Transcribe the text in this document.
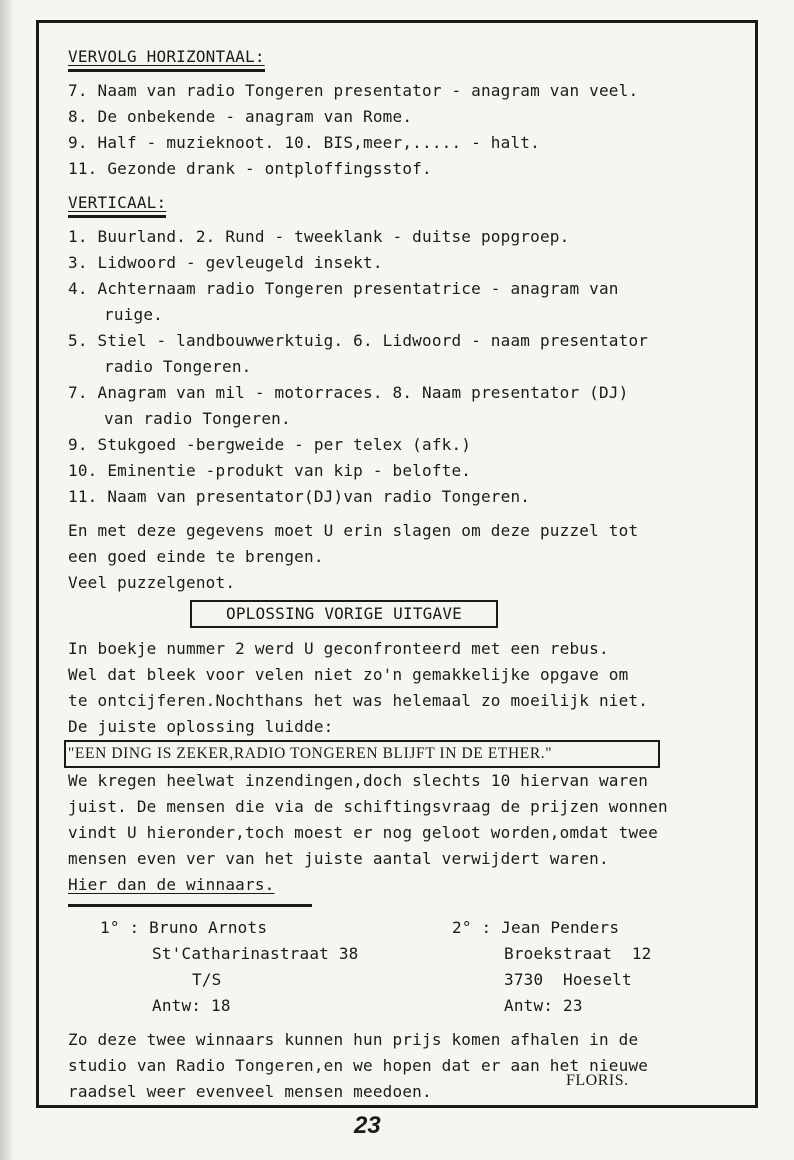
VERVOLG HORIZONTAAL:
7. Naam van radio Tongeren presentator - anagram van veel.
8. De onbekende - anagram van Rome.
9. Half - muzieknoot. 10. BIS,meer,..... - halt.
11. Gezonde drank - ontploffingsstof.
VERTICAAL:
1. Buurland. 2. Rund - tweeklank - duitse popgroep.
3. Lidwoord - gevleugeld insekt.
4. Achternaam radio Tongeren presentatrice - anagram van
ruige.
5. Stiel - landbouwwerktuig. 6. Lidwoord - naam presentator
radio Tongeren.
7. Anagram van mil - motorraces. 8. Naam presentator (DJ)
van radio Tongeren.
9. Stukgoed -bergweide - per telex (afk.)
10. Eminentie -produkt van kip - belofte.
11. Naam van presentator(DJ)van radio Tongeren.
En met deze gegevens moet U erin slagen om deze puzzel tot
een goed einde te brengen.
Veel puzzelgenot.
OPLOSSING VORIGE UITGAVE
In boekje nummer 2 werd U geconfronteerd met een rebus.
Wel dat bleek voor velen niet zo'n gemakkelijke opgave om
te ontcijferen.Nochthans het was helemaal zo moeilijk niet.
De juiste oplossing luidde:
"EEN DING IS ZEKER,RADIO TONGEREN BLIJFT IN DE ETHER."
We kregen heelwat inzendingen,doch slechts 10 hiervan waren
juist. De mensen die via de schiftingsvraag de prijzen wonnen
vindt U hieronder,toch moest er nog geloot worden,omdat twee
mensen even ver van het juiste aantal verwijdert waren.
Hier dan de winnaars.
1° : Bruno Arnots
St'Catharinastraat 38
T/S
Antw: 18
2° : Jean Penders
Broekstraat  12
3730  Hoeselt
Antw: 23
Zo deze twee winnaars kunnen hun prijs komen afhalen in de
studio van Radio Tongeren,en we hopen dat er aan het nieuwe
raadsel weer evenveel mensen meedoen.
FLORIS.
23
